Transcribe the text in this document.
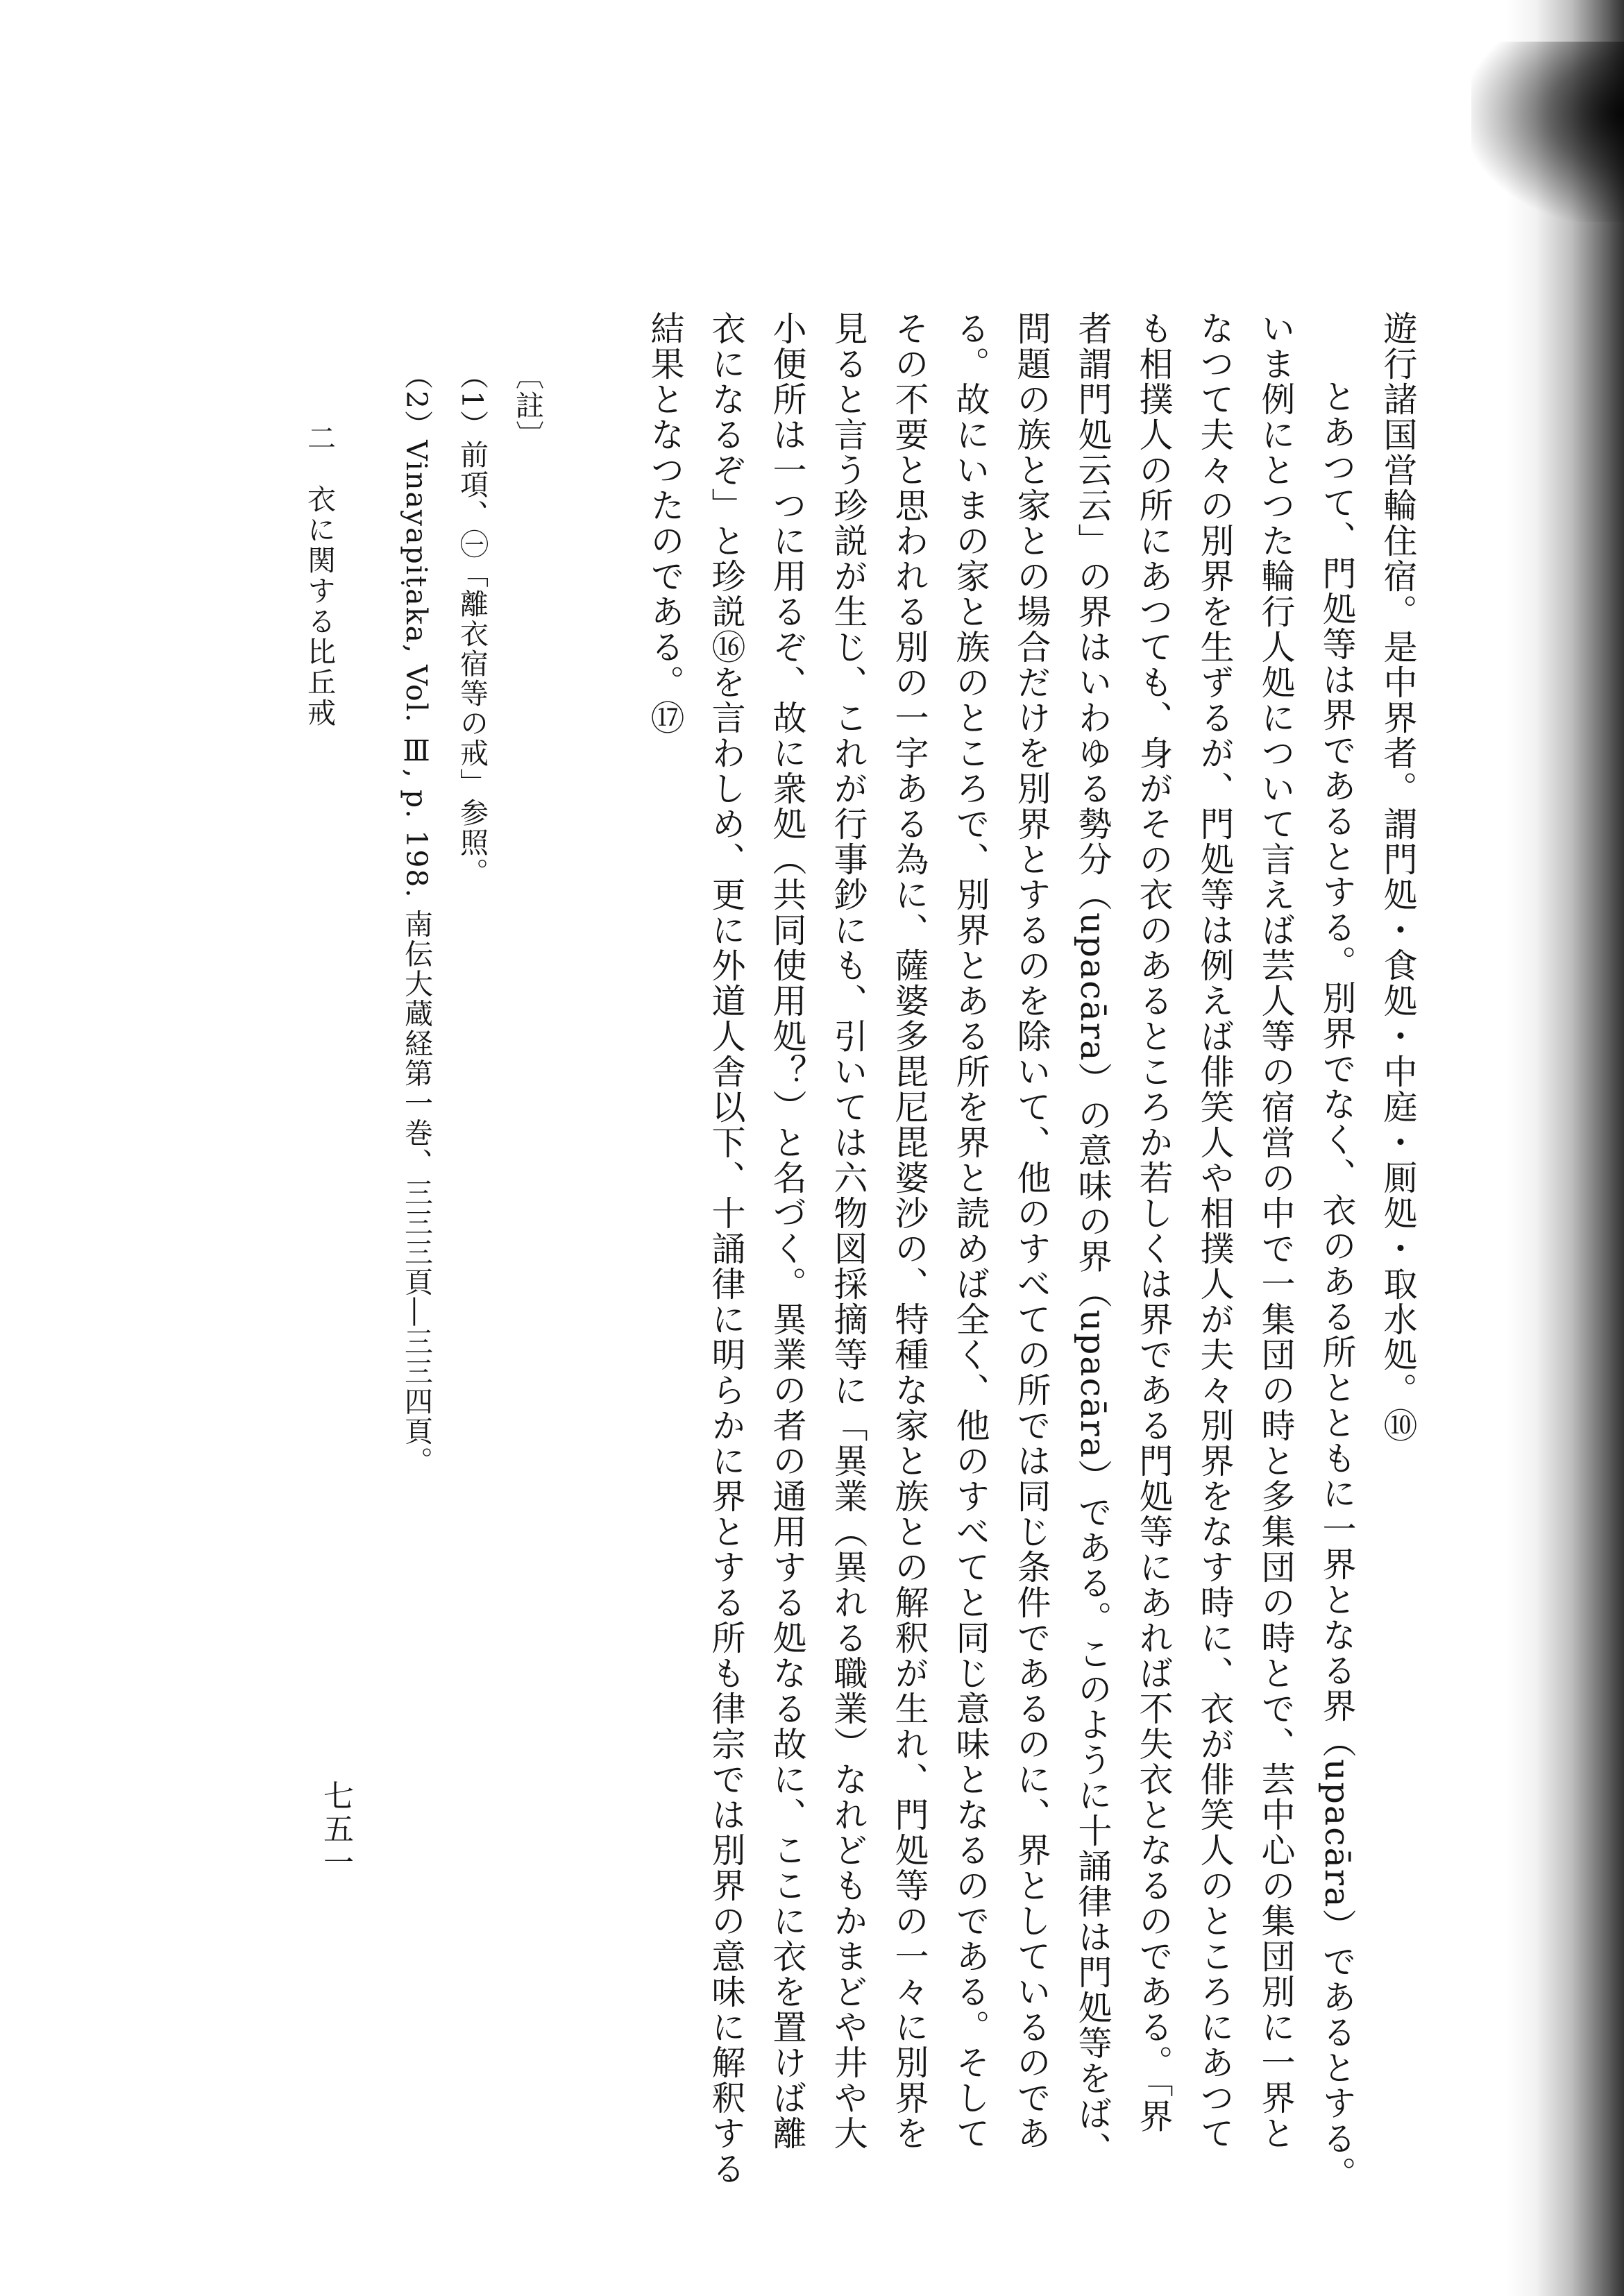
遊行諸国営輪住宿。是中界者。謂門処・食処・中庭・厠処・取水処。⑩
とあつて、門処等は界であるとする。別界でなく、衣のある所とともに一界となる界（upacāra）であるとする。
いま例にとつた輪行人処について言えば芸人等の宿営の中で一集団の時と多集団の時とで、芸中心の集団別に一界と
なつて夫々の別界を生ずるが、門処等は例えば俳笑人や相撲人が夫々別界をなす時に、衣が俳笑人のところにあつて
も相撲人の所にあつても、身がその衣のあるところか若しくは界である門処等にあれば不失衣となるのである。「界
者謂門処云云」の界はいわゆる勢分（upacāra）の意味の界（upacāra）である。このように十誦律は門処等をば、
問題の族と家との場合だけを別界とするのを除いて、他のすべての所では同じ条件であるのに、界としているのであ
る。故にいまの家と族のところで、別界とある所を界と読めば全く、他のすべてと同じ意味となるのである。そして
その不要と思われる別の一字ある為に、薩婆多毘尼毘婆沙の、特種な家と族との解釈が生れ、門処等の一々に別界を
見ると言う珍説が生じ、これが行事鈔にも、引いては六物図採摘等に「異業（異れる職業）なれどもかまどや井や大
小便所は一つに用るぞ、故に衆処（共同使用処？）と名づく。異業の者の通用する処なる故に、ここに衣を置けば離
衣になるぞ」と珍説⑯を言わしめ、更に外道人舎以下、十誦律に明らかに界とする所も律宗では別界の意味に解釈する
結果となつたのである。⑰
〔註〕
（1）前項、㊀「離衣宿等の戒」参照。
（2）Vinayapiṭaka, Vol. Ⅲ, p. 198. 南伝大蔵経第一巻、三三三頁―三三四頁。
二　衣に関する比丘戒
七五一
